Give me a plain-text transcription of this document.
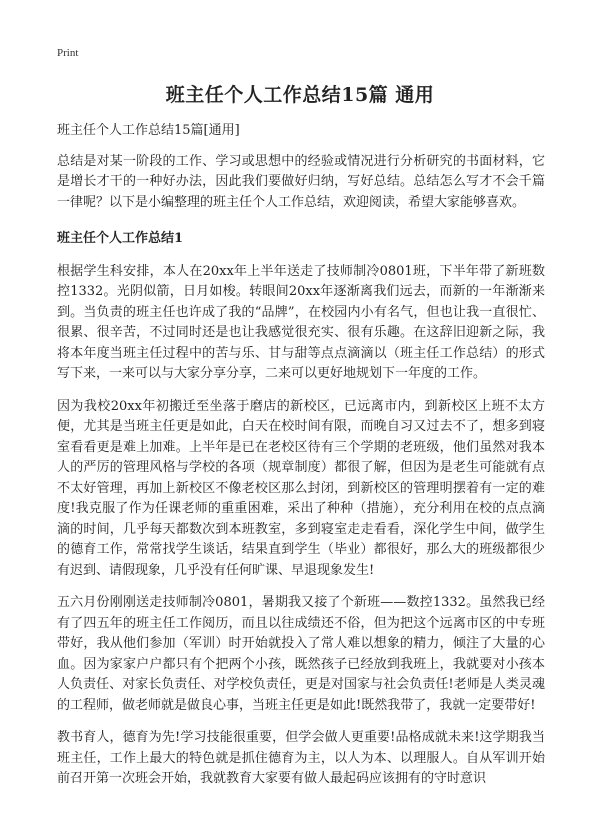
Print
班主任个人工作总结15篇 通用

班主任个人工作总结15篇[通用]

总结是对某一阶段的工作、学习或思想中的经验或情况进行分析研究的书面材料，它是增长才干的一种好办法，因此我们要做好归纳，写好总结。总结怎么写才不会千篇一律呢？以下是小编整理的班主任个人工作总结，欢迎阅读，希望大家能够喜欢。

班主任个人工作总结1

根据学生科安排，本人在20xx年上半年送走了技师制冷0801班，下半年带了新班数控1332。光阴似箭，日月如梭。转眼间20xx年逐渐离我们远去，而新的一年渐渐来到。当负责的班主任也许成了我的“品牌”，在校园内小有名气，但也让我一直很忙、很累、很辛苦，不过同时还是也让我感觉很充实、很有乐趣。在这辞旧迎新之际，我将本年度当班主任过程中的苦与乐、甘与甜等点点滴滴以（班主任工作总结）的形式写下来，一来可以与大家分享分享，二来可以更好地规划下一年度的工作。

因为我校20xx年初搬迁至坐落于磨店的新校区，已远离市内，到新校区上班不太方便，尤其是当班主任更是如此，白天在校时间有限，而晚自习又过去不了，想多到寝室看看更是难上加难。上半年是已在老校区待有三个学期的老班级，他们虽然对我本人的严厉的管理风格与学校的各项（规章制度）都很了解，但因为是老生可能就有点不太好管理，再加上新校区不像老校区那么封闭，到新校区的管理明摆着有一定的难度!我克服了作为任课老师的重重困难，采出了种种（措施），充分利用在校的点点滴滴的时间，几乎每天都数次到本班教室，多到寝室走走看看，深化学生中间，做学生的德育工作，常常找学生谈话，结果直到学生（毕业）都很好，那么大的班级都很少有迟到、请假现象，几乎没有任何旷课、早退现象发生!

五六月份刚刚送走技师制冷0801，暑期我又接了个新班——数控1332。虽然我已经有了四五年的班主任工作阅历，而且以往成绩还不俗，但为把这个远离市区的中专班带好，我从他们参加（军训）时开始就投入了常人难以想象的精力，倾注了大量的心血。因为家家户户都只有个把两个小孩，既然孩子已经放到我班上，我就要对小孩本人负责任、对家长负责任、对学校负责任，更是对国家与社会负责任!老师是人类灵魂的工程师，做老师就是做良心事，当班主任更是如此!既然我带了，我就一定要带好!

教书育人，德育为先!学习技能很重要，但学会做人更重要!品格成就未来!这学期我当班主任，工作上最大的特色就是抓住德育为主，以人为本、以理服人。自从军训开始前召开第一次班会开始，我就教育大家要有做人最起码应该拥有的守时意识
